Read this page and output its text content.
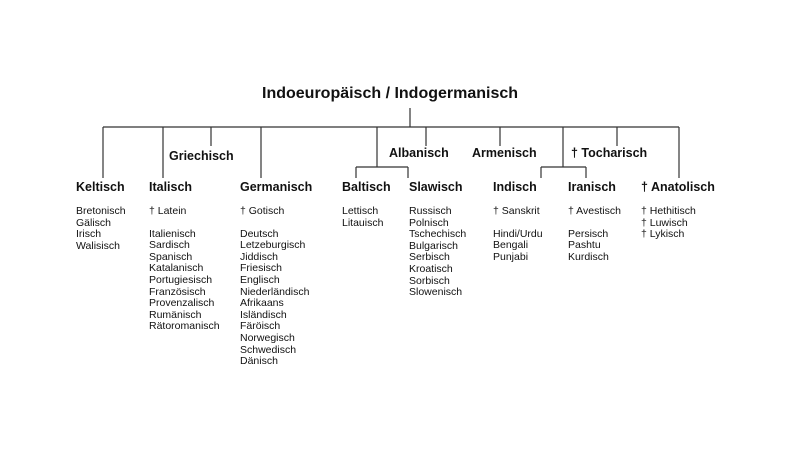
Indoeuropäisch / Indogermanisch
Griechisch	Albanisch Armenisch	† Tocharisch
Keltisch Italisch	Germanisch Baltisch Slawisch Indisch Iranisch † Anatolisch
Bretonisch
Gälisch
Irisch
Walisisch
† Latein
Italienisch
Sardisch
Spanisch
Katalanisch
Portugiesisch
Französisch
Provenzalisch
Rumänisch
Rätoromanisch
† Gotisch
Deutsch
Letzeburgisch
Jiddisch
Friesisch
Englisch
Niederländisch
Afrikaans
Isländisch
Färöisch
Norwegisch
Schwedisch
Dänisch
Lettisch
Litauisch
Russisch
Polnisch
Tschechisch
Bulgarisch
Serbisch
Kroatisch
Sorbisch
Slowenisch
† Sanskrit
Hindi/Urdu
Bengali
Punjabi
† Avestisch
Persisch
Pashtu
Kurdisch
† Hethitisch
† Luwisch
† Lykisch
